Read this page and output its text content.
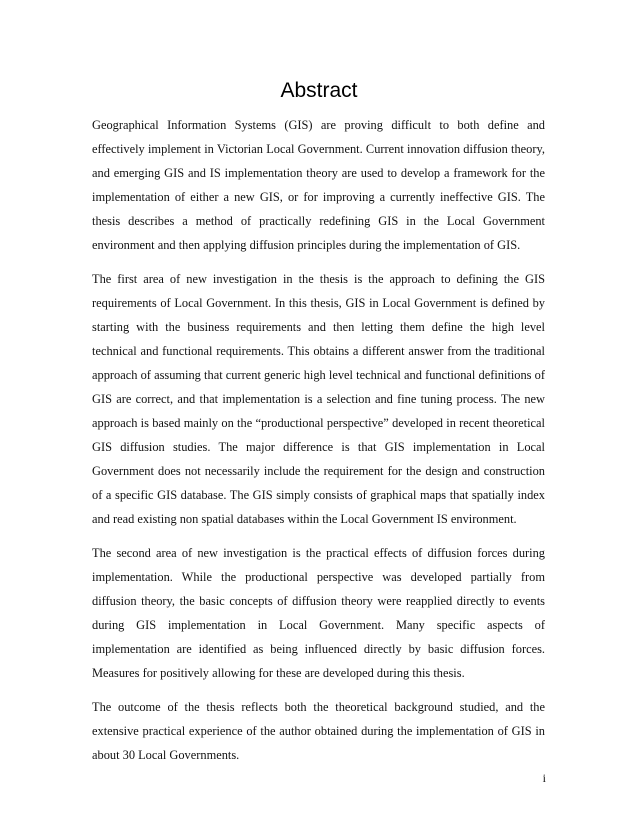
Abstract

Geographical Information Systems (GIS) are proving difficult to both define and effectively implement in Victorian Local Government. Current innovation diffusion theory, and emerging GIS and IS implementation theory are used to develop a framework for the implementation of either a new GIS, or for improving a currently ineffective GIS. The thesis describes a method of practically redefining GIS in the Local Government environment and then applying diffusion principles during the implementation of GIS.

The first area of new investigation in the thesis is the approach to defining the GIS requirements of Local Government. In this thesis, GIS in Local Government is defined by starting with the business requirements and then letting them define the high level technical and functional requirements. This obtains a different answer from the traditional approach of assuming that current generic high level technical and functional definitions of GIS are correct, and that implementation is a selection and fine tuning process. The new approach is based mainly on the “productional perspective” developed in recent theoretical GIS diffusion studies. The major difference is that GIS implementation in Local Government does not necessarily include the requirement for the design and construction of a specific GIS database. The GIS simply consists of graphical maps that spatially index and read existing non spatial databases within the Local Government IS environment.

The second area of new investigation is the practical effects of diffusion forces during implementation. While the productional perspective was developed partially from diffusion theory, the basic concepts of diffusion theory were reapplied directly to events during GIS implementation in Local Government. Many specific aspects of implementation are identified as being influenced directly by basic diffusion forces. Measures for positively allowing for these are developed during this thesis.

The outcome of the thesis reflects both the theoretical background studied, and the extensive practical experience of the author obtained during the implementation of GIS in about 30 Local Governments.

i
